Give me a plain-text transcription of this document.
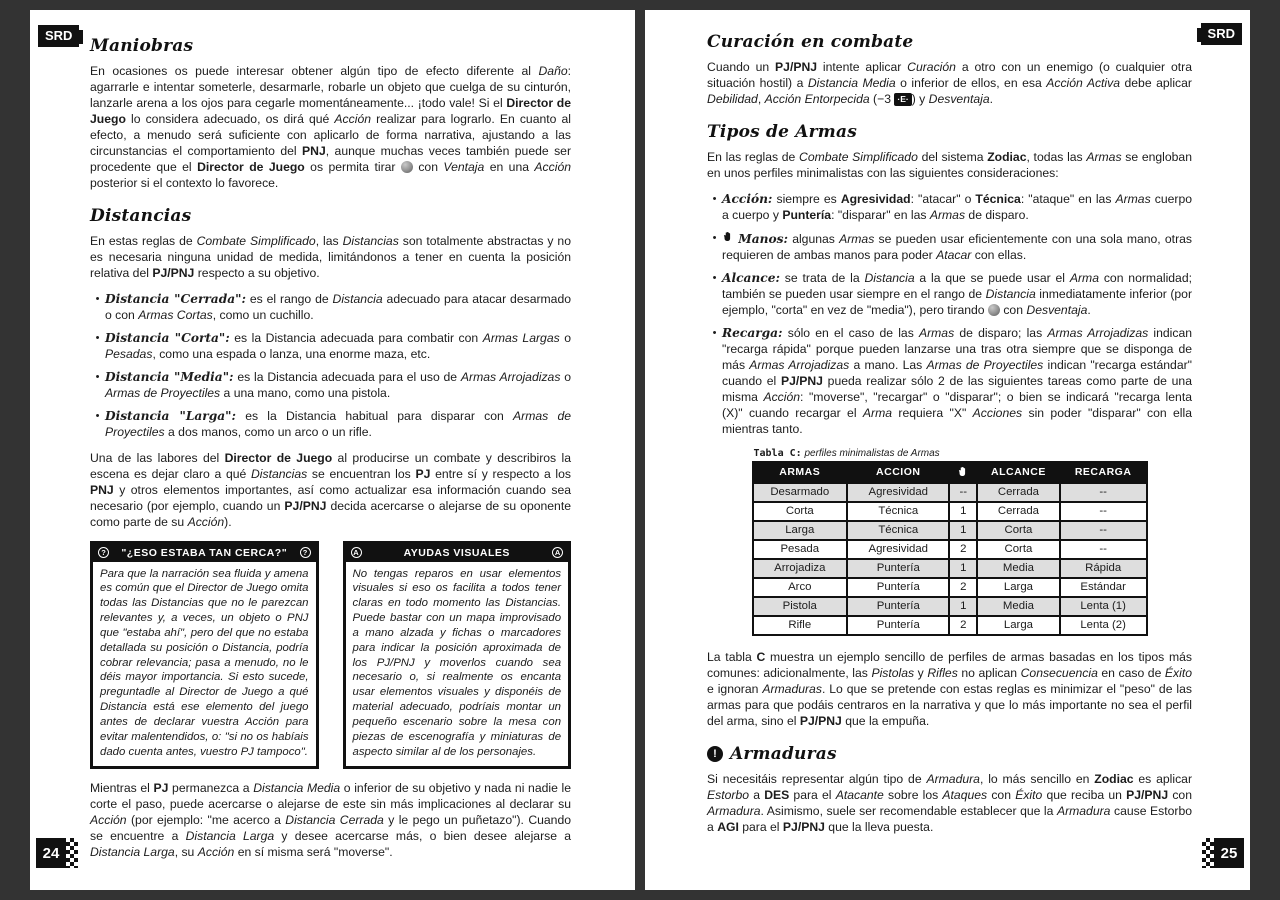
SRD
Maniobras

En ocasiones os puede interesar obtener algún tipo de efecto diferente al Daño: agarrarle e intentar someterle, desarmarle, robarle un objeto que cuelga de su cinturón, lanzarle arena a los ojos para cegarle momentáneamente... ¡todo vale! Si el Director de Juego lo considera adecuado, os dirá qué Acción realizar para lograrlo. En cuanto al efecto, a menudo será suficiente con aplicarlo de forma narrativa, ajustando a las circunstancias el comportamiento del PNJ, aunque muchas veces también puede ser procedente que el Director de Juego os permita tirar  con Ventaja en una Acción posterior si el contexto lo favorece.

Distancias

En estas reglas de Combate Simplificado, las Distancias son totalmente abstractas y no es necesaria ninguna unidad de medida, limitándonos a tener en cuenta la posición relativa del PJ/PNJ respecto a su objetivo.

• Distancia "Cerrada": es el rango de Distancia adecuado para atacar desarmado o con Armas Cortas, como un cuchillo.
• Distancia "Corta": es la Distancia adecuada para combatir con Armas Largas o Pesadas, como una espada o lanza, una enorme maza, etc.
• Distancia "Media": es la Distancia adecuada para el uso de Armas Arrojadizas o Armas de Proyectiles a una mano, como una pistola.
• Distancia "Larga": es la Distancia habitual para disparar con Armas de Proyectiles a dos manos, como un arco o un rifle.

Una de las labores del Director de Juego al producirse un combate y describiros la escena es dejar claro a qué Distancias se encuentran los PJ entre sí y respecto a los PNJ y otros elementos importantes, así como actualizar esa información cuando sea necesario (por ejemplo, cuando un PJ/PNJ decida acercarse o alejarse de su oponente como parte de su Acción).

?	"¿ESO ESTABA TAN CERCA?"	?
Para que la narración sea fluida y amena es común que el Director de Juego omita todas las Distancias que no le parezcan relevantes y, a veces, un objeto o PNJ que "estaba ahí", pero del que no estaba detallada su posición o Distancia, podría cobrar relevancia; pasa a menudo, no le déis mayor importancia. Si esto sucede, preguntadle al Director de Juego a qué Distancia está ese elemento del juego antes de declarar vuestra Acción para evitar malentendidos, o: "si no os habíais dado cuenta antes, vuestro PJ tampoco".
A	AYUDAS VISUALES	A
No tengas reparos en usar elementos visuales si eso os facilita a todos tener claras en todo momento las Distancias. Puede bastar con un mapa improvisado a mano alzada y fichas o marcadores para indicar la posición aproximada de los PJ/PNJ y moverlos cuando sea necesario o, si realmente os encanta usar elementos visuales y disponéis de material adecuado, podríais montar un pequeño escenario sobre la mesa con piezas de escenografía y miniaturas de aspecto similar al de los personajes.

Mientras el PJ permanezca a Distancia Media o inferior de su objetivo y nada ni nadie le corte el paso, puede acercarse o alejarse de este sin más implicaciones al declarar su Acción (por ejemplo: "me acerco a Distancia Cerrada y le pego un puñetazo"). Cuando se encuentre a Distancia Larga y desee acercarse más, o bien desee alejarse a Distancia Larga, su Acción en sí misma será "moverse".

24
SRD
Curación en combate

Cuando un PJ/PNJ intente aplicar Curación a otro con un enemigo (o cualquier otra situación hostil) a Distancia Media o inferior de ellos, en esa Acción Activa debe aplicar Debilidad, Acción Entorpecida (−3 ·E· ) y Desventaja.

Tipos de Armas

En las reglas de Combate Simplificado del sistema Zodiac, todas las Armas se engloban en unos perfiles minimalistas con las siguientes consideraciones:

• Acción: siempre es Agresividad: "atacar" o Técnica: "ataque" en las Armas cuerpo a cuerpo y Puntería: "disparar" en las Armas de disparo.
•	Manos: algunas Armas se pueden usar eficientemente con una sola mano, otras requieren de ambas manos para poder Atacar con ellas.
• Alcance: se trata de la Distancia a la que se puede usar el Arma con normalidad; también se pueden usar siempre en el rango de Distancia inmediatamente inferior (por ejemplo, "corta" en vez de "media"), pero tirando  con Desventaja.
• Recarga: sólo en el caso de las Armas de disparo; las Armas Arrojadizas indican "recarga rápida" porque pueden lanzarse una tras otra siempre que se disponga de más Armas Arrojadizas a mano. Las Armas de Proyectiles indican "recarga estándar" cuando el PJ/PNJ pueda realizar sólo 2 de las siguientes tareas como parte de una misma Acción: "moverse", "recargar" o "disparar"; o bien se indicará "recarga lenta (X)" cuando recargar el Arma requiera "X" Acciones sin poder "disparar" con ella mientras tanto.
Tabla C: perfiles minimalistas de Armas
ARMAS	ACCION		ALCANCE	RECARGA
Desarmado	Agresividad	--	Cerrada	--
Corta	Técnica	1	Cerrada	--
Larga	Técnica	1	Corta	--
Pesada	Agresividad	2	Corta	--
Arrojadiza	Puntería	1	Media	Rápida
Arco	Puntería	2	Larga	Estándar
Pistola	Puntería	1	Media	Lenta (1)
Rifle	Puntería	2	Larga	Lenta (2)

La tabla C muestra un ejemplo sencillo de perfiles de armas basadas en los tipos más comunes: adicionalmente, las Pistolas y Rifles no aplican Consecuencia en caso de Éxito e ignoran Armaduras. Lo que se pretende con estas reglas es minimizar el "peso" de las armas para que podáis centraros en la narrativa y que lo más importante no sea el perfil del arma, sino el PJ/PNJ que la empuña.

! Armaduras

Si necesitáis representar algún tipo de Armadura, lo más sencillo en Zodiac es aplicar Estorbo a DES para el Atacante sobre los Ataques con Éxito que reciba un PJ/PNJ con Armadura. Asimismo, suele ser recomendable establecer que la Armadura cause Estorbo a AGI para el PJ/PNJ que la lleva puesta.

25
